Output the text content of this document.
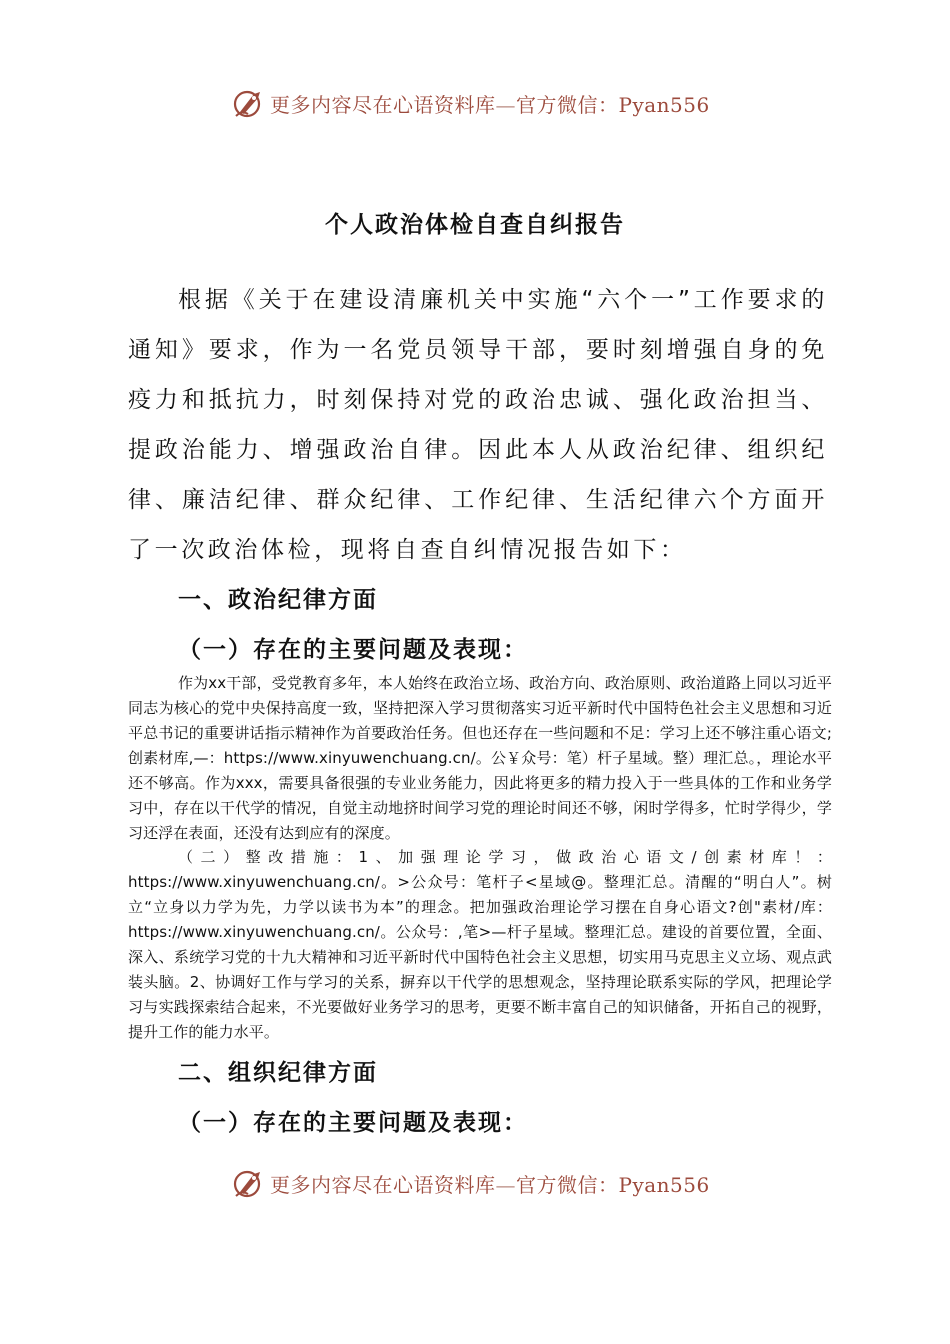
更多内容尽在心语资料库—官方微信：Pyan556
个人政治体检自查自纠报告

根据《关于在建设清廉机关中实施“六个一”工作要求的通知》要求，作为一名党员领导干部，要时刻增强自身的免疫力和抵抗力，时刻保持对党的政治忠诚、强化政治担当、提政治能力、增强政治自律。因此本人从政治纪律、组织纪律、廉洁纪律、群众纪律、工作纪律、生活纪律六个方面开了一次政治体检，现将自查自纠情况报告如下：

一、政治纪律方面
（一）存在的主要问题及表现：

作为xx干部，受党教育多年，本人始终在政治立场、政治方向、政治原则、政治道路上同以习近平同志为核心的党中央保持高度一致，坚持把深入学习贯彻落实习近平新时代中国特色社会主义思想和习近平总书记的重要讲话指示精神作为首要政治任务。但也还存在一些问题和不足：学习上还不够注重心语文;创素材库,—：https://www.xinyuwenchuang.cn/。公￥众号：笔）杆子星域。整）理汇总。，理论水平还不够高。作为xxx，需要具备很强的专业业务能力，因此将更多的精力投入于一些具体的工作和业务学习中，存在以干代学的情况，自觉主动地挤时间学习党的理论时间还不够，闲时学得多，忙时学得少，学习还浮在表面，还没有达到应有的深度。

（二）整改措施：1、加强理论学习，做政治心语文/创素材库！：https://www.xinyuwenchuang.cn/。>公众号：笔杆子<星域@。整理汇总。清醒的“明白人”。树立“立身以力学为先，力学以读书为本”的理念。把加强政治理论学习摆在自身心语文?创"素材/库：https://www.xinyuwenchuang.cn/。公众号：,笔>—杆子星域。整理汇总。建设的首要位置，全面、深入、系统学习党的十九大精神和习近平新时代中国特色社会主义思想，切实用马克思主义立场、观点武装头脑。2、协调好工作与学习的关系，摒弃以干代学的思想观念，坚持理论联系实际的学风，把理论学习与实践探索结合起来，不光要做好业务学习的思考，更要不断丰富自己的知识储备，开拓自己的视野，提升工作的能力水平。

二、组织纪律方面
（一）存在的主要问题及表现：
更多内容尽在心语资料库—官方微信：Pyan556
